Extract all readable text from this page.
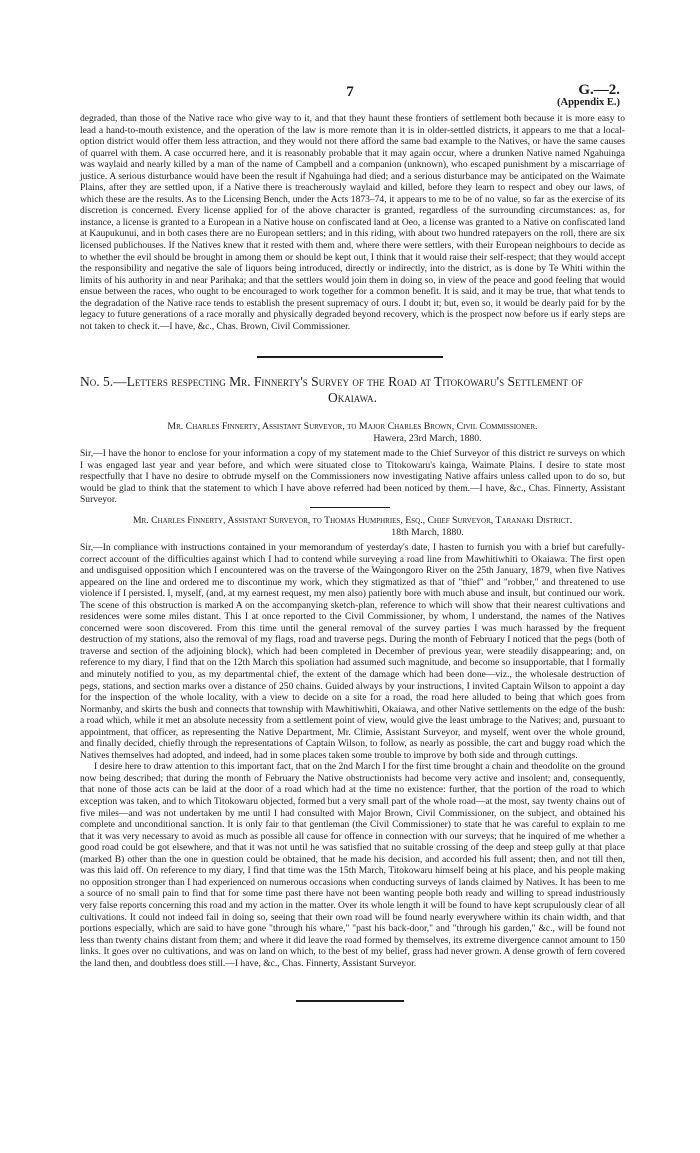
7	G.—2.
(Appendix E.)

degraded, than those of the Native race who give way to it, and that they haunt these frontiers of settlement both because it is more easy to lead a hand-to-mouth existence, and the operation of the law is more remote than it is in older-settled districts, it appears to me that a local-option district would offer them less attraction, and they would not there afford the same bad example to the Natives, or have the same causes of quarrel with them. A case occurred here, and it is reasonably probable that it may again occur, where a drunken Native named Ngahuinga was waylaid and nearly killed by a man of the name of Campbell and a companion (unknown), who escaped punishment by a miscarriage of justice. A serious disturbance would have been the result if Ngahuinga had died; and a serious disturbance may be anticipated on the Waimate Plains, after they are settled upon, if a Native there is treacherously waylaid and killed, before they learn to respect and obey our laws, of which these are the results. As to the Licensing Bench, under the Acts 1873–74, it appears to me to be of no value, so far as the exercise of its discretion is concerned. Every license applied for of the above character is granted, regardless of the surrounding circumstances: as, for instance, a license is granted to a European in a Native house on confiscated land at Oeo, a license was granted to a Native on confiscated land at Kaupukunui, and in both cases there are no European settlers; and in this riding, with about two hundred ratepayers on the roll, there are six licensed publichouses. If the Natives knew that it rested with them and, where there were settlers, with their European neighbours to decide as to whether the evil should be brought in among them or should be kept out, I think that it would raise their self-respect; that they would accept the responsibility and negative the sale of liquors being introduced, directly or indirectly, into the district, as is done by Te Whiti within the limits of his authority in and near Parihaka; and that the settlers would join them in doing so, in view of the peace and good feeling that would ensue between the races, who ought to be encouraged to work together for a common benefit. It is said, and it may be true, that what tends to the degradation of the Native race tends to establish the present supremacy of ours. I doubt it; but, even so, it would be dearly paid for by the legacy to future generations of a race morally and physically degraded beyond recovery, which is the prospect now before us if early steps are not taken to check it.—I have, &c., Chas. Brown, Civil Commissioner.

No. 5.—Letters respecting Mr. Finnerty's Survey of the Road at Titokowaru's Settlement of
Okaiawa.
Mr. Charles Finnerty, Assistant Surveyor, to Major Charles Brown, Civil Commissioner.
Hawera, 23rd March, 1880.

Sir,—I have the honor to enclose for your information a copy of my statement made to the Chief Surveyor of this district re surveys on which I was engaged last year and year before, and which were situated close to Titokowaru's kainga, Waimate Plains. I desire to state most respectfully that I have no desire to obtrude myself on the Commissioners now investigating Native affairs unless called upon to do so, but would be glad to think that the statement to which I have above referred had been noticed by them.—I have, &c., Chas. Finnerty, Assistant Surveyor.

Mr. Charles Finnerty, Assistant Surveyor, to Thomas Humphries, Esq., Chief Surveyor, Taranaki District.
18th March, 1880.

Sir,—In compliance with instructions contained in your memorandum of yesterday's date, I hasten to furnish you with a brief but carefully-correct account of the difficulties against which I had to contend while surveying a road line from Mawhitiwhiti to Okaiawa. The first open and undisguised opposition which I encountered was on the traverse of the Waingongoro River on the 25th January, 1879, when five Natives appeared on the line and ordered me to discontinue my work, which they stigmatized as that of "thief" and "robber," and threatened to use violence if I persisted. I, myself, (and, at my earnest request, my men also) patiently bore with much abuse and insult, but continued our work. The scene of this obstruction is marked A on the accompanying sketch-plan, reference to which will show that their nearest cultivations and residences were some miles distant. This I at once reported to the Civil Commissioner, by whom, I understand, the names of the Natives concerned were soon discovered. From this time until the general removal of the survey parties I was much harassed by the frequent destruction of my stations, also the removal of my flags, road and traverse pegs. During the month of February I noticed that the pegs (both of traverse and section of the adjoining block), which had been completed in December of previous year, were steadily disappearing; and, on reference to my diary, I find that on the 12th March this spoliation had assumed such magnitude, and become so insupportable, that I formally and minutely notified to you, as my departmental chief, the extent of the damage which had been done—viz., the wholesale destruction of pegs, stations, and section marks over a distance of 250 chains. Guided always by your instructions, I invited Captain Wilson to appoint a day for the inspection of the whole locality, with a view to decide on a site for a road, the road here alluded to being that which goes from Normanby, and skirts the bush and connects that township with Mawhitiwhiti, Okaiawa, and other Native settlements on the edge of the bush: a road which, while it met an absolute necessity from a settlement point of view, would give the least umbrage to the Natives; and, pursuant to appointment, that officer, as representing the Native Department, Mr. Climie, Assistant Surveyor, and myself, went over the whole ground, and finally decided, chiefly through the representations of Captain Wilson, to follow, as nearly as possible, the cart and buggy road which the Natives themselves had adopted, and indeed, had in some places taken some trouble to improve by both side and through cuttings.

I desire here to draw attention to this important fact, that on the 2nd March I for the first time brought a chain and theodolite on the ground now being described; that during the month of February the Native obstructionists had become very active and insolent; and, consequently, that none of those acts can be laid at the door of a road which had at the time no existence: further, that the portion of the road to which exception was taken, and to which Titokowaru objected, formed but a very small part of the whole road—at the most, say twenty chains out of five miles—and was not undertaken by me until I had consulted with Major Brown, Civil Commissioner, on the subject, and obtained his complete and unconditional sanction. It is only fair to that gentleman (the Civil Commissioner) to state that he was careful to explain to me that it was very necessary to avoid as much as possible all cause for offence in connection with our surveys; that he inquired of me whether a good road could be got elsewhere, and that it was not until he was satisfied that no suitable crossing of the deep and steep gully at that place (marked B) other than the one in question could be obtained, that he made his decision, and accorded his full assent; then, and not till then, was this laid off. On reference to my diary, I find that time was the 15th March, Titokowaru himself being at his place, and his people making no opposition stronger than I had experienced on numerous occasions when conducting surveys of lands claimed by Natives. It has been to me a source of no small pain to find that for some time past there have not been wanting people both ready and willing to spread industriously very false reports concerning this road and my action in the matter. Over its whole length it will be found to have kept scrupulously clear of all cultivations. It could not indeed fail in doing so, seeing that their own road will be found nearly everywhere within its chain width, and that portions especially, which are said to have gone "through his whare," "past his back-door," and "through his garden," &c., will be found not less than twenty chains distant from them; and where it did leave the road formed by themselves, its extreme divergence cannot amount to 150 links. It goes over no cultivations, and was on land on which, to the best of my belief, grass had never grown. A dense growth of fern covered the land then, and doubtless does still.—I have, &c., Chas. Finnerty, Assistant Surveyor.
